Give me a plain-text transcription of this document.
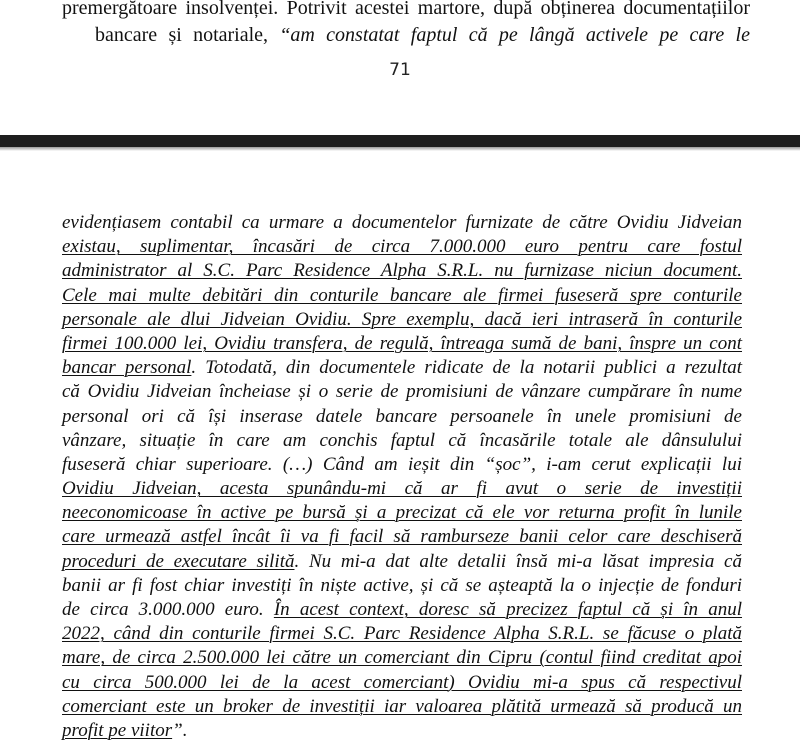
premergătoare insolvenței. Potrivit acestei martore, după obținerea documentațiilor
bancare și notariale, “am constatat faptul că pe lângă activele pe care le
71
evidențiasem contabil ca urmare a documentelor furnizate de către Ovidiu Jidveian
existau, suplimentar, încasări de circa 7.000.000 euro pentru care fostul
administrator al S.C. Parc Residence Alpha S.R.L. nu furnizase niciun document.
Cele mai multe debitări din conturile bancare ale firmei fuseseră spre conturile
personale ale dlui Jidveian Ovidiu. Spre exemplu, dacă ieri intraseră în conturile
firmei 100.000 lei, Ovidiu transfera, de regulă, întreaga sumă de bani, înspre un cont
bancar personal. Totodată, din documentele ridicate de la notarii publici a rezultat
că Ovidiu Jidveian încheiase și o serie de promisiuni de vânzare cumpărare în nume
personal ori că își inserase datele bancare persoanele în unele promisiuni de
vânzare, situație în care am conchis faptul că încasările totale ale dânsulului
fuseseră chiar superioare. (…) Când am ieșit din “șoc”, i-am cerut explicații lui
Ovidiu Jidveian, acesta spunându-mi că ar fi avut o serie de investiții
neeconomicoase în active pe bursă și a precizat că ele vor returna profit în lunile
care urmează astfel încât îi va fi facil să ramburseze banii celor care deschiseră
proceduri de executare silită. Nu mi-a dat alte detalii însă mi-a lăsat impresia că
banii ar fi fost chiar investiți în niște active, și că se așteaptă la o injecție de fonduri
de circa 3.000.000 euro. În acest context, doresc să precizez faptul că și în anul
2022, când din conturile firmei S.C. Parc Residence Alpha S.R.L. se făcuse o plată
mare, de circa 2.500.000 lei către un comerciant din Cipru (contul fiind creditat apoi
cu circa 500.000 lei de la acest comerciant) Ovidiu mi-a spus că respectivul
comerciant este un broker de investiții iar valoarea plătită urmează să producă un
profit pe viitor”.
